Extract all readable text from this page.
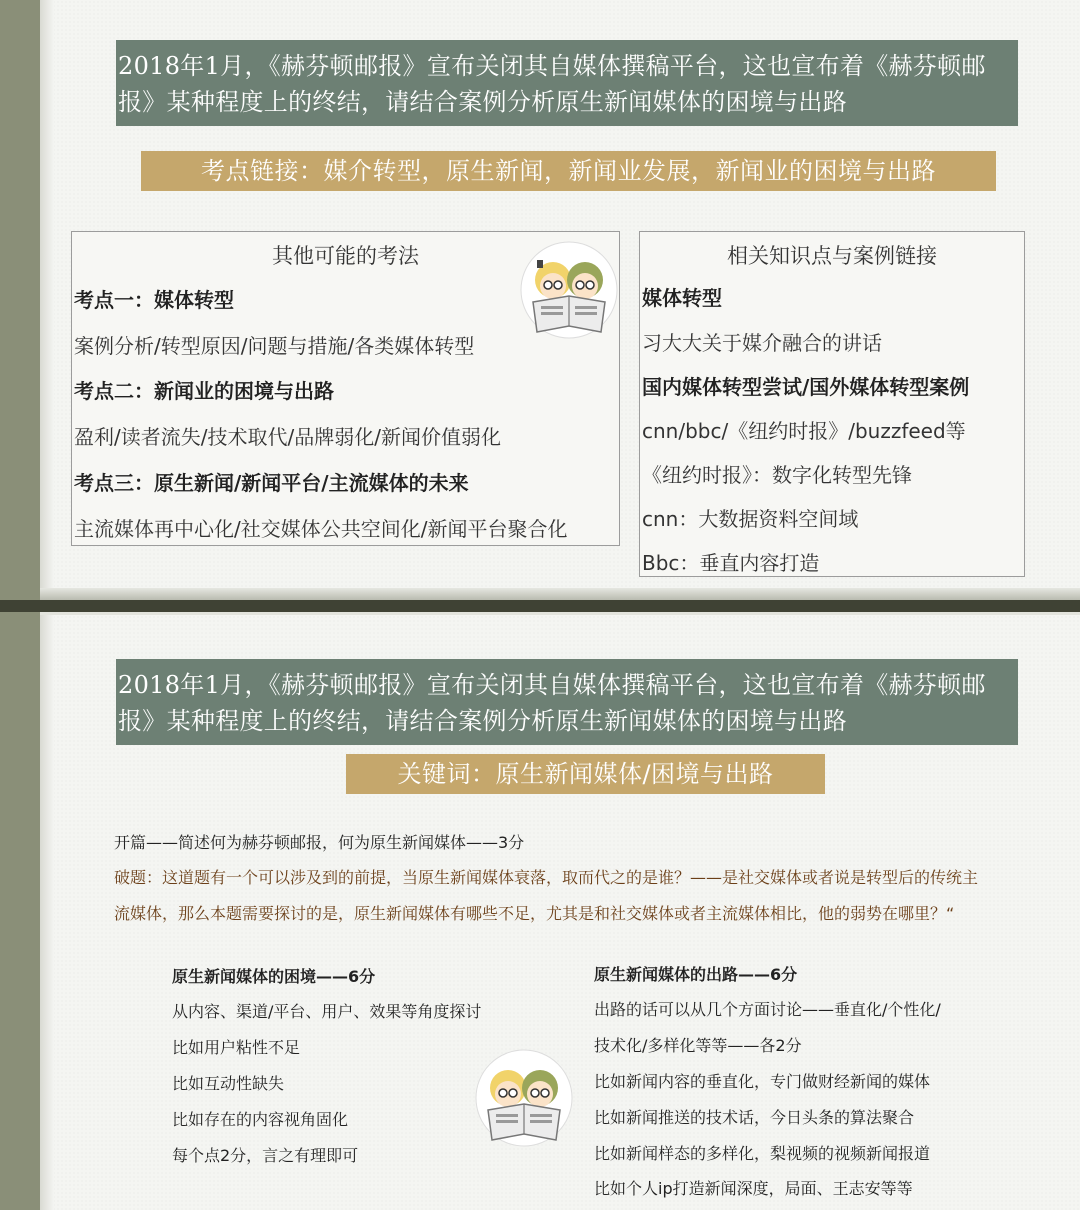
2018年1月，《赫芬顿邮报》宣布关闭其自媒体撰稿平台，这也宣布着《赫芬顿邮
报》某种程度上的终结，请结合案例分析原生新闻媒体的困境与出路
考点链接：媒介转型，原生新闻，新闻业发展，新闻业的困境与出路
其他可能的考法
考点一：媒体转型
案例分析/转型原因/问题与措施/各类媒体转型
考点二：新闻业的困境与出路
盈利/读者流失/技术取代/品牌弱化/新闻价值弱化
考点三：原生新闻/新闻平台/主流媒体的未来
主流媒体再中心化/社交媒体公共空间化/新闻平台聚合化
相关知识点与案例链接
媒体转型
习大大关于媒介融合的讲话
国内媒体转型尝试/国外媒体转型案例
cnn/bbc/《纽约时报》/buzzfeed等
《纽约时报》：数字化转型先锋
cnn：大数据资料空间域
Bbc：垂直内容打造
2018年1月，《赫芬顿邮报》宣布关闭其自媒体撰稿平台，这也宣布着《赫芬顿邮
报》某种程度上的终结，请结合案例分析原生新闻媒体的困境与出路
关键词：原生新闻媒体/困境与出路
开篇——简述何为赫芬顿邮报，何为原生新闻媒体——3分
破题：这道题有一个可以涉及到的前提，当原生新闻媒体衰落，取而代之的是谁？——是社交媒体或者说是转型后的传统主
流媒体，那么本题需要探讨的是，原生新闻媒体有哪些不足，尤其是和社交媒体或者主流媒体相比，他的弱势在哪里？“
原生新闻媒体的困境——6分
从内容、渠道/平台、用户、效果等角度探讨
比如用户粘性不足
比如互动性缺失
比如存在的内容视角固化
每个点2分，言之有理即可
原生新闻媒体的出路——6分
出路的话可以从几个方面讨论——垂直化/个性化/
技术化/多样化等等——各2分
比如新闻内容的垂直化，专门做财经新闻的媒体
比如新闻推送的技术话，今日头条的算法聚合
比如新闻样态的多样化，梨视频的视频新闻报道
比如个人ip打造新闻深度，局面、王志安等等
